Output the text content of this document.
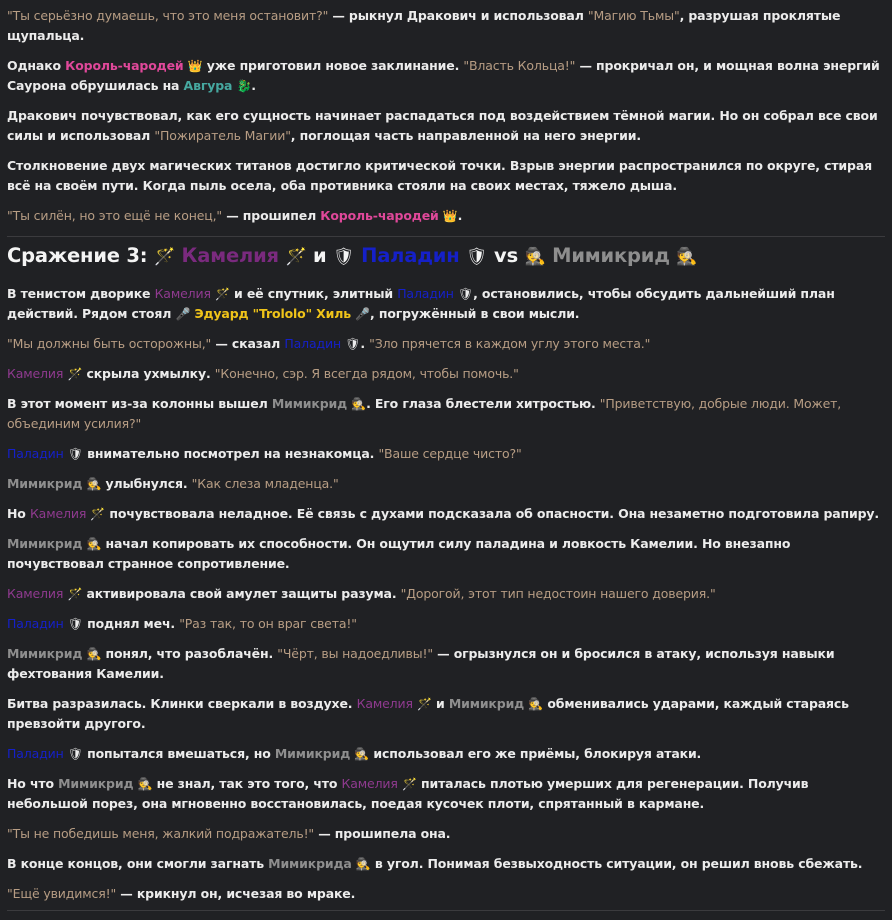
"Ты серьёзно думаешь, что это меня остановит?" — рыкнул Дракович и использовал "Магию Тьмы", разрушая проклятые щупальца.

Однако Король-чародей 👑 уже приготовил новое заклинание. "Власть Кольца!" — прокричал он, и мощная волна энергий Саурона обрушилась на Авгура 🐉.

Дракович почувствовал, как его сущность начинает распадаться под воздействием тёмной магии. Но он собрал все свои силы и использовал "Пожиратель Магии", поглощая часть направленной на него энергии.

Столкновение двух магических титанов достигло критической точки. Взрыв энергии распространился по округе, стирая всё на своём пути. Когда пыль осела, оба противника стояли на своих местах, тяжело дыша.

"Ты силён, но это ещё не конец," — прошипел Король-чародей 👑.

Сражение 3: 🪄 Камелия 🪄 и 🛡 Паладин 🛡 vs 🕵 Мимикрид 🕵

В тенистом дворике Камелия 🪄 и её спутник, элитный Паладин 🛡, остановились, чтобы обсудить дальнейший план действий. Рядом стоял 🎤 Эдуард "Trololo" Хиль 🎤, погружённый в свои мысли.

"Мы должны быть осторожны," — сказал Паладин 🛡. "Зло прячется в каждом углу этого места."

Камелия 🪄 скрыла ухмылку. "Конечно, сэр. Я всегда рядом, чтобы помочь."

В этот момент из-за колонны вышел Мимикрид 🕵. Его глаза блестели хитростью. "Приветствую, добрые люди. Может, объединим усилия?"

Паладин 🛡 внимательно посмотрел на незнакомца. "Ваше сердце чисто?"

Мимикрид 🕵 улыбнулся. "Как слеза младенца."

Но Камелия 🪄 почувствовала неладное. Её связь с духами подсказала об опасности. Она незаметно подготовила рапиру.

Мимикрид 🕵 начал копировать их способности. Он ощутил силу паладина и ловкость Камелии. Но внезапно почувствовал странное сопротивление.

Камелия 🪄 активировала свой амулет защиты разума. "Дорогой, этот тип недостоин нашего доверия."

Паладин 🛡 поднял меч. "Раз так, то он враг света!"

Мимикрид 🕵 понял, что разоблачён. "Чёрт, вы надоедливы!" — огрызнулся он и бросился в атаку, используя навыки фехтования Камелии.

Битва разразилась. Клинки сверкали в воздухе. Камелия 🪄 и Мимикрид 🕵 обменивались ударами, каждый стараясь превзойти другого.

Паладин 🛡 попытался вмешаться, но Мимикрид 🕵 использовал его же приёмы, блокируя атаки.

Но что Мимикрид 🕵 не знал, так это того, что Камелия 🪄 питалась плотью умерших для регенерации. Получив небольшой порез, она мгновенно восстановилась, поедая кусочек плоти, спрятанный в кармане.

"Ты не победишь меня, жалкий подражатель!" — прошипела она.

В конце концов, они смогли загнать Мимикрида 🕵 в угол. Понимая безвыходность ситуации, он решил вновь сбежать.

"Ещё увидимся!" — крикнул он, исчезая во мраке.
